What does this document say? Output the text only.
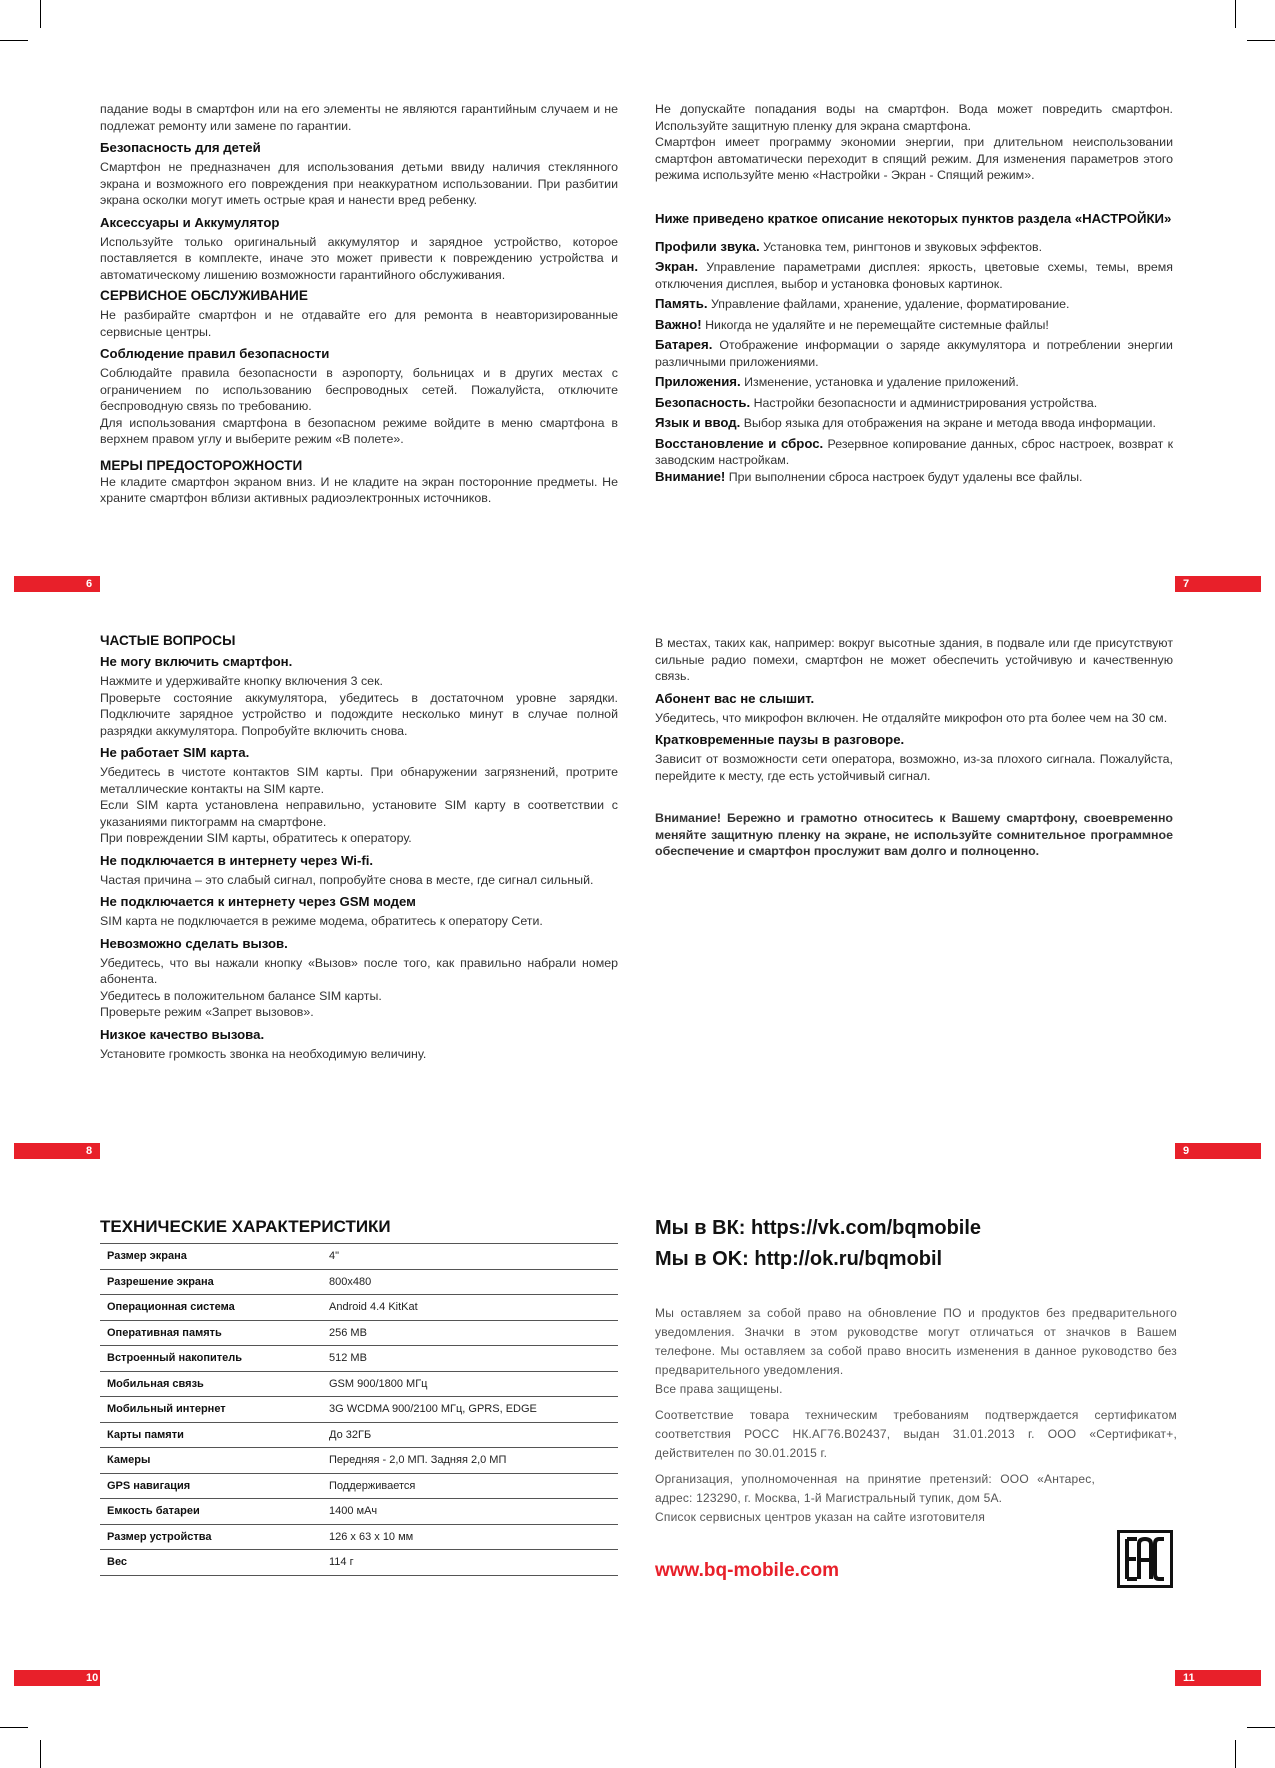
падание воды в смартфон или на его элементы не являются гарантийным случаем и не подлежат ремонту или замене по гарантии.

Безопасность для детей

Смартфон не предназначен для использования детьми ввиду наличия стеклянного экрана и возможного его повреждения при неаккуратном использовании. При разбитии экрана осколки могут иметь острые края и нанести вред ребенку.

Аксессуары и Аккумулятор

Используйте только оригинальный аккумулятор и зарядное устройство, которое поставляется в комплекте, иначе это может привести к повреждению устройства и автоматическому лишению возможности гарантийного обслуживания.

СЕРВИСНОЕ ОБСЛУЖИВАНИЕ

Не разбирайте смартфон и не отдавайте его для ремонта в неавторизированные сервисные центры.

Соблюдение правил безопасности

Соблюдайте правила безопасности в аэропорту, больницах и в других местах с ограничением по использованию беспроводных сетей. Пожалуйста, отключите беспроводную связь по требованию.

Для использования смартфона в безопасном режиме войдите в меню смартфона в верхнем правом углу и выберите режим «В полете».

МЕРЫ ПРЕДОСТОРОЖНОСТИ

Не кладите смартфон экраном вниз. И не кладите на экран посторонние предметы. Не храните смартфон вблизи активных радиоэлектронных источников.

6

Не допускайте попадания воды на смартфон. Вода может повредить смартфон. Используйте защитную пленку для экрана смартфона.

Смартфон имеет программу экономии энергии, при длительном неиспользовании смартфон автоматически переходит в спящий режим. Для изменения параметров этого режима используйте меню «Настройки - Экран - Спящий режим».

Ниже приведено краткое описание некоторых пунктов раздела «НАСТРОЙКИ»

Профили звука. Установка тем, рингтонов и звуковых эффектов.

Экран. Управление параметрами дисплея: яркость, цветовые схемы, темы, время отключения дисплея, выбор и установка фоновых картинок.

Память. Управление файлами, хранение, удаление, форматирование.

Важно! Никогда не удаляйте и не перемещайте системные файлы!

Батарея. Отображение информации о заряде аккумулятора и потреблении энергии различными приложениями.

Приложения. Изменение, установка и удаление приложений.

Безопасность. Настройки безопасности и администрирования устройства.

Язык и ввод. Выбор языка для отображения на экране и метода ввода информации.

Восстановление и сброс. Резервное копирование данных, сброс настроек, возврат к заводским настройкам.

Внимание! При выполнении сброса настроек будут удалены все файлы.

7
ЧАСТЫЕ ВОПРОСЫ
Не могу включить смартфон.

Нажмите и удерживайте кнопку включения 3 сек.

Проверьте состояние аккумулятора, убедитесь в достаточном уровне зарядки. Подключите зарядное устройство и подождите несколько минут в случае полной разрядки аккумулятора. Попробуйте включить снова.

Не работает SIM карта.

Убедитесь в чистоте контактов SIM карты. При обнаружении загрязнений, протрите металлические контакты на SIM карте.

Если SIM карта установлена неправильно, установите SIM карту в соответствии с указаниями пиктограмм на смартфоне.

При повреждении SIM карты, обратитесь к оператору.

Не подключается в интернету через Wi-fi.

Частая причина – это слабый сигнал, попробуйте снова в месте, где сигнал сильный.

Не подключается к интернету через GSM модем

SIM карта не подключается в режиме модема, обратитесь к оператору Сети.

Невозможно сделать вызов.

Убедитесь, что вы нажали кнопку «Вызов» после того, как правильно набрали номер абонента.

Убедитесь в положительном балансе SIM карты.

Проверьте режим «Запрет вызовов».

Низкое качество вызова.

Установите громкость звонка на необходимую величину.

8

В местах, таких как, например: вокруг высотные здания, в подвале или где присутствуют сильные радио помехи, смартфон не может обеспечить устойчивую и качественную связь.

Абонент вас не слышит.

Убедитесь, что микрофон включен. Не отдаляйте микрофон ото рта более чем на 30 см.

Кратковременные паузы в разговоре.

Зависит от возможности сети оператора, возможно, из-за плохого сигнала. Пожалуйста, перейдите к месту, где есть устойчивый сигнал.

Внимание! Бережно и грамотно относитесь к Вашему смартфону, своевременно меняйте защитную пленку на экране, не используйте сомнительное программное обеспечение и смартфон прослужит вам долго и полноценно.

9
ТЕХНИЧЕСКИЕ ХАРАКТЕРИСТИКИ
Размер экрана	4"
Разрешение экрана	800x480
Операционная система	Android 4.4 KitKat
Оперативная память	256 MB
Встроенный накопитель	512 MB
Мобильная связь	GSM 900/1800 МГц
Мобильный интернет	3G WCDMA 900/2100 МГц, GPRS, EDGE
Карты памяти	До 32ГБ
Камеры	Передняя - 2,0 МП. Задняя 2,0 МП
GPS навигация	Поддерживается
Емкость батареи	1400 мАч
Размер устройства	126 x 63 x 10 мм
Вес	114 г
10
Мы в ВК: https://vk.com/bqmobile
Мы в OK: http://ok.ru/bqmobil
Мы оставляем за собой право на обновление ПО и продуктов без предварительного уведомления. Значки в этом руководстве могут отличаться от значков в Вашем телефоне. Мы оставляем за собой право вносить изменения в данное руководство без предварительного уведомления.
Все права защищены.
Соответствие товара техническим требованиям подтверждается сертификатом соответствия РОСС НК.АГ76.В02437, выдан 31.01.2013 г. ООО «Сертификат+, действителен по 30.01.2015 г.
Организация, уполномоченная на принятие претензий: ООО «Антарес, адрес: 123290, г. Москва, 1-й Магистральный тупик, дом 5А.
Список сервисных центров указан на сайте изготовителя
www.bq-mobile.com
11
